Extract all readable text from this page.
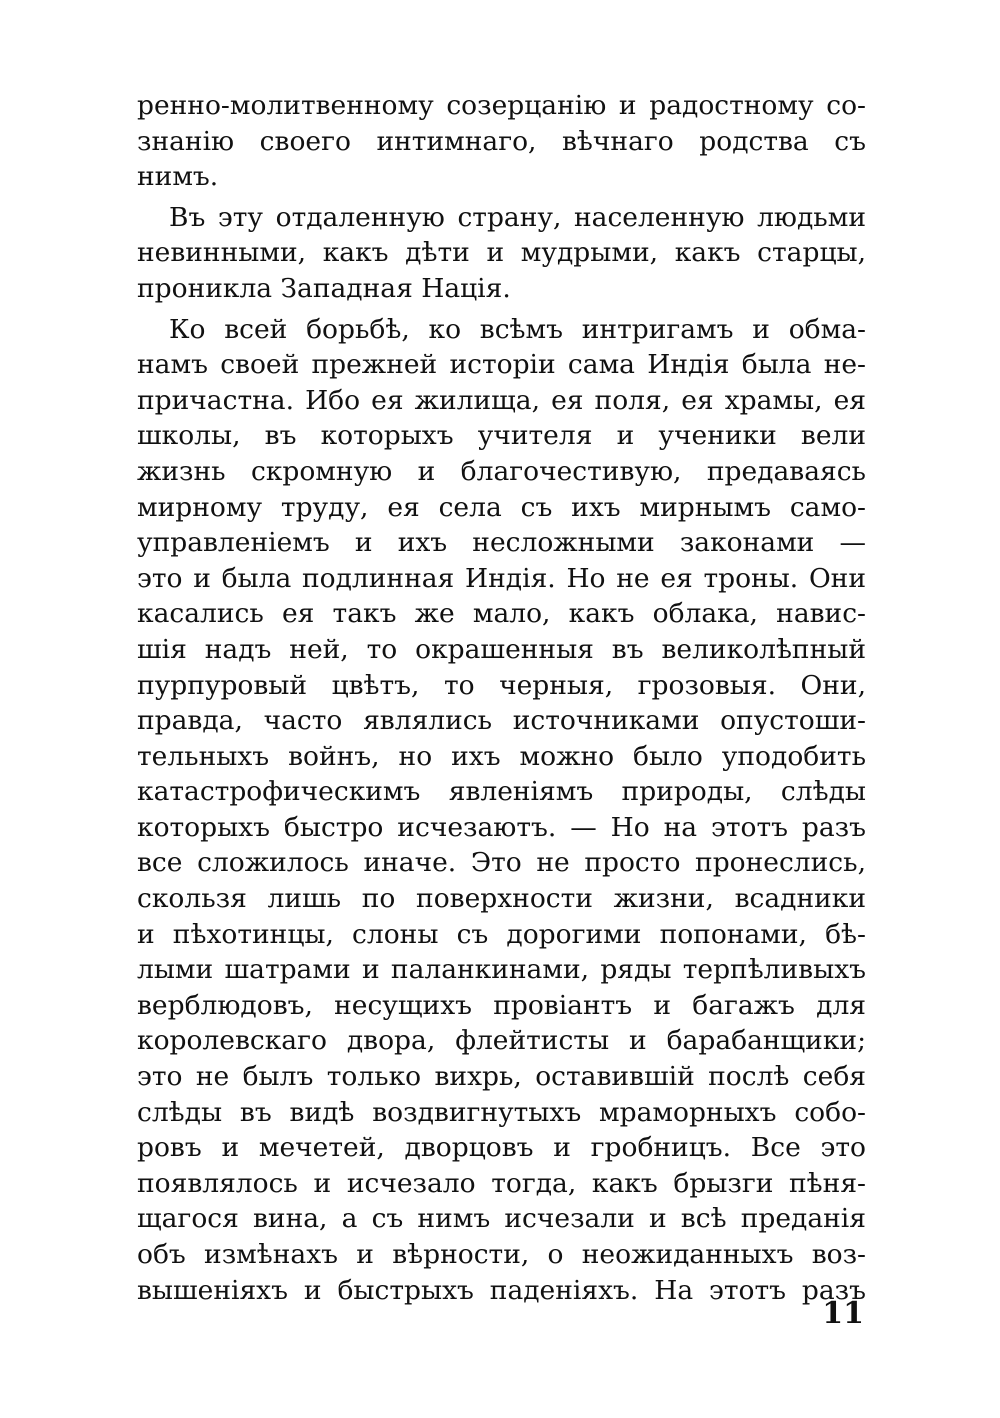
ренно-молитвенному созерцанію и радостному со-
знанію своего интимнаго, вѣчнаго родства съ
нимъ.

Въ эту отдаленную страну, населенную людьми
невинными, какъ дѣти и мудрыми, какъ старцы,
проникла Западная Нація.

Ко всей борьбѣ, ко всѣмъ интригамъ и обма-
намъ своей прежней исторіи сама Индія была не-
причастна. Ибо ея жилища, ея поля, ея храмы, ея
школы, въ которыхъ учителя и ученики вели
жизнь скромную и благочестивую, предаваясь
мирному труду, ея села съ ихъ мирнымъ само-
управленіемъ и ихъ несложными законами —
это и была подлинная Индія. Но не ея троны. Они
касались ея такъ же мало, какъ облака, навис-
шія надъ ней, то окрашенныя въ великолѣпный
пурпуровый цвѣтъ, то черныя, грозовыя. Они,
правда, часто являлись источниками опустоши-
тельныхъ войнъ, но ихъ можно было уподобить
катастрофическимъ явленіямъ природы, слѣды
которыхъ быстро исчезаютъ. — Но на этотъ разъ
все сложилось иначе. Это не просто пронеслись,
скользя лишь по поверхности жизни, всадники
и пѣхотинцы, слоны съ дорогими попонами, бѣ-
лыми шатрами и паланкинами, ряды терпѣливыхъ
верблюдовъ, несущихъ провіантъ и багажъ для
королевскаго двора, флейтисты и барабанщики;
это не былъ только вихрь, оставившій послѣ себя
слѣды въ видѣ воздвигнутыхъ мраморныхъ собо-
ровъ и мечетей, дворцовъ и гробницъ. Все это
появлялось и исчезало тогда, какъ брызги пѣня-
щагося вина, а съ нимъ исчезали и всѣ преданія
объ измѣнахъ и вѣрности, о неожиданныхъ воз-
вышеніяхъ и быстрыхъ паденіяхъ. На этотъ разъ

11
